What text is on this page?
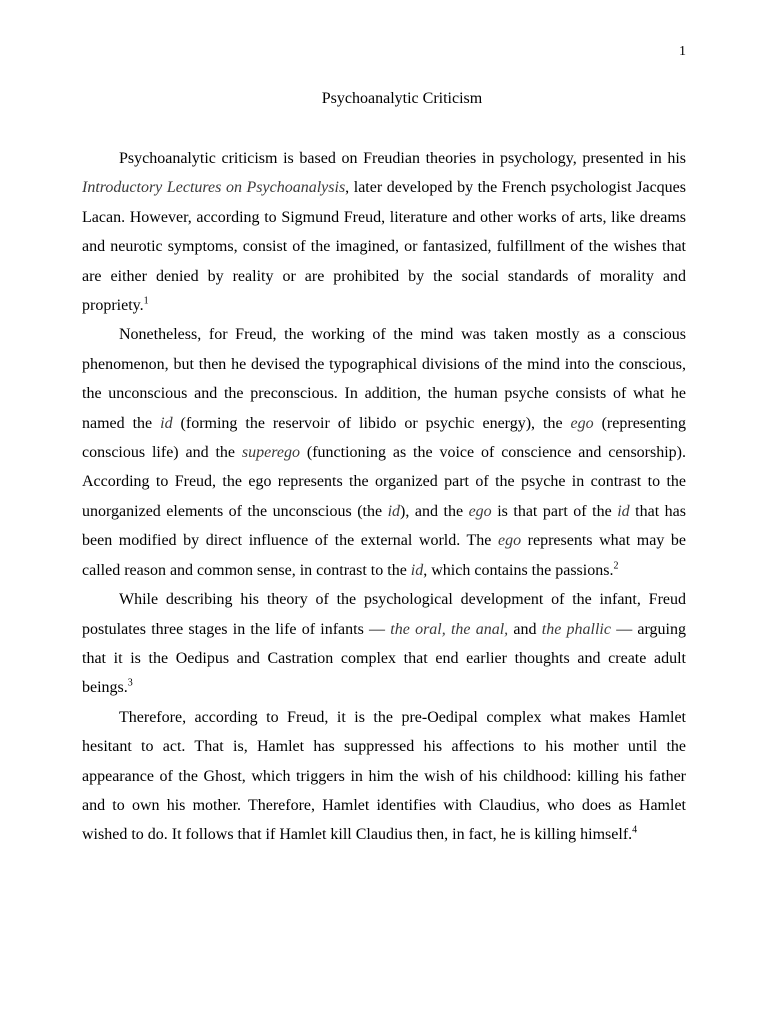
1
Psychoanalytic Criticism

Psychoanalytic criticism is based on Freudian theories in psychology, presented in his Introductory Lectures on Psychoanalysis, later developed by the French psychologist Jacques Lacan. However, according to Sigmund Freud, literature and other works of arts, like dreams and neurotic symptoms, consist of the imagined, or fantasized, fulfillment of the wishes that are either denied by reality or are prohibited by the social standards of morality and propriety.$^1$

Nonetheless, for Freud, the working of the mind was taken mostly as a conscious phenomenon, but then he devised the typographical divisions of the mind into the conscious, the unconscious and the preconscious. In addition, the human psyche consists of what he named the id (forming the reservoir of libido or psychic energy), the ego (representing conscious life) and the superego (functioning as the voice of conscience and censorship). According to Freud, the ego represents the organized part of the psyche in contrast to the unorganized elements of the unconscious (the id), and the ego is that part of the id that has been modified by direct influence of the external world. The ego represents what may be called reason and common sense, in contrast to the id, which contains the passions.$^2$

While describing his theory of the psychological development of the infant, Freud postulates three stages in the life of infants — the oral, the anal, and the phallic — arguing that it is the Oedipus and Castration complex that end earlier thoughts and create adult beings.$^3$

Therefore, according to Freud, it is the pre-Oedipal complex what makes Hamlet hesitant to act. That is, Hamlet has suppressed his affections to his mother until the appearance of the Ghost, which triggers in him the wish of his childhood: killing his father and to own his mother. Therefore, Hamlet identifies with Claudius, who does as Hamlet wished to do. It follows that if Hamlet kill Claudius then, in fact, he is killing himself.$^4$
